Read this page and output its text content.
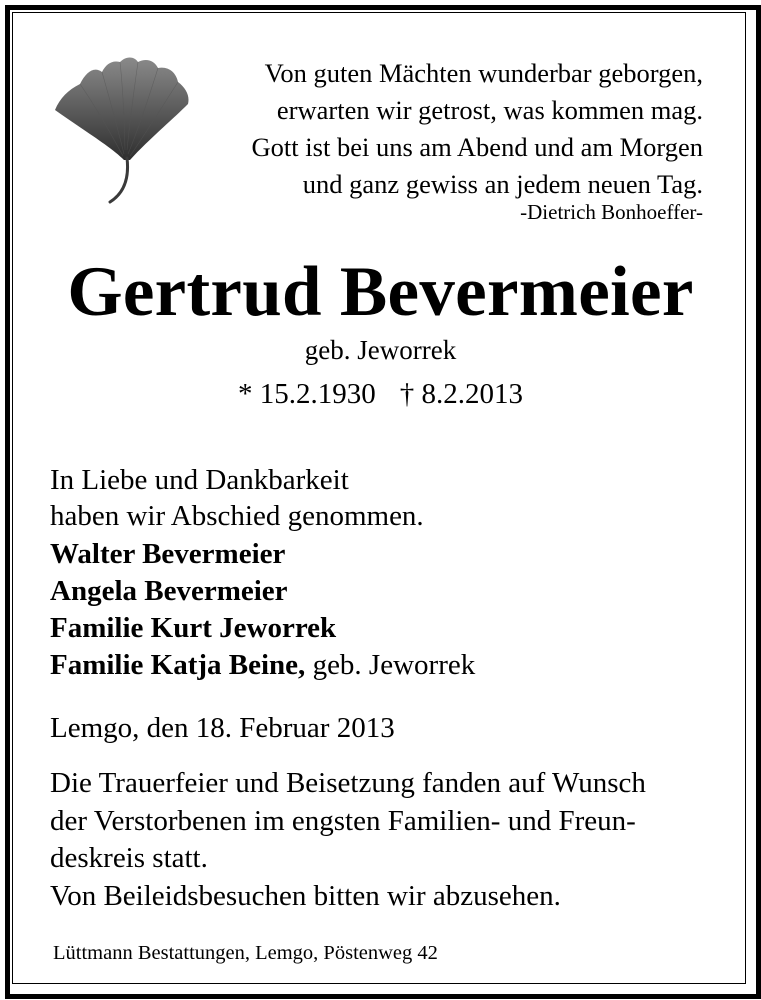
Von guten Mächten wunderbar geborgen,
erwarten wir getrost, was kommen mag.
Gott ist bei uns am Abend und am Morgen
und ganz gewiss an jedem neuen Tag.
-Dietrich Bonhoeffer-
Gertrud Bevermeier
geb. Jeworrek
* 15.2.1930 † 8.2.2013
In Liebe und Dankbarkeit
haben wir Abschied genommen.
Walter Bevermeier
Angela Bevermeier
Familie Kurt Jeworrek
Familie Katja Beine, geb. Jeworrek
Lemgo, den 18. Februar 2013
Die Trauerfeier und Beisetzung fanden auf Wunsch
der Verstorbenen im engsten Familien- und Freun-
deskreis statt.
Von Beileidsbesuchen bitten wir abzusehen.
Lüttmann Bestattungen, Lemgo, Pöstenweg 42
